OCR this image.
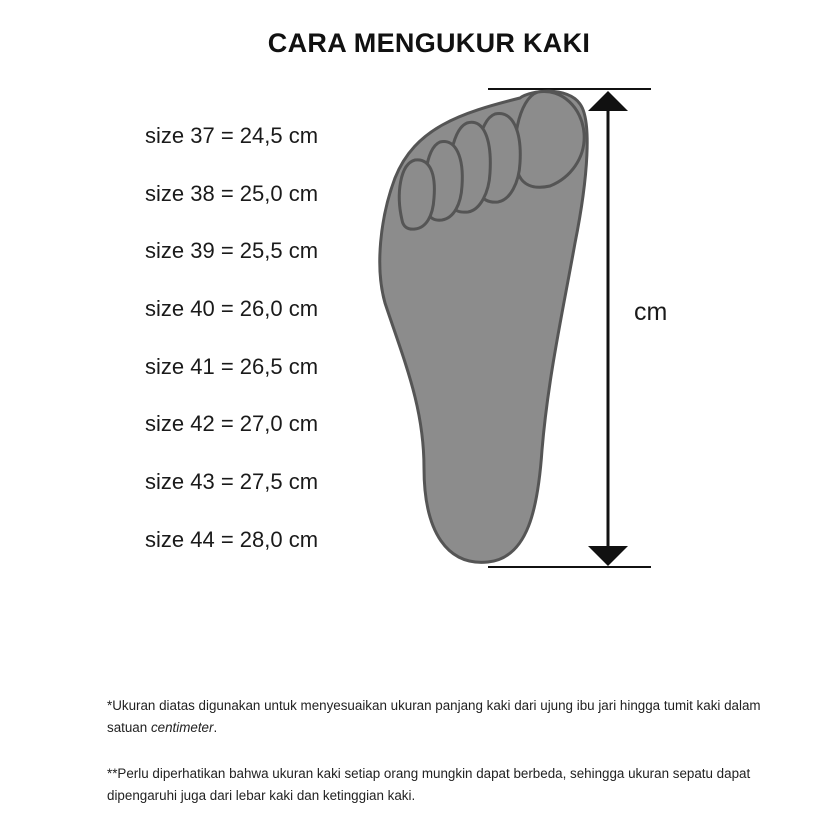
CARA MENGUKUR KAKI
size 37 = 24,5 cm
size 38 = 25,0 cm
size 39 = 25,5 cm
size 40 = 26,0 cm
size 41 = 26,5 cm
size 42 = 27,0 cm
size 43 = 27,5 cm
size 44 = 28,0 cm
cm

*Ukuran diatas digunakan untuk menyesuaikan ukuran panjang kaki dari ujung ibu jari hingga tumit kaki dalam satuan centimeter.

**Perlu diperhatikan bahwa ukuran kaki setiap orang mungkin dapat berbeda, sehingga ukuran sepatu dapat dipengaruhi juga dari lebar kaki dan ketinggian kaki.
